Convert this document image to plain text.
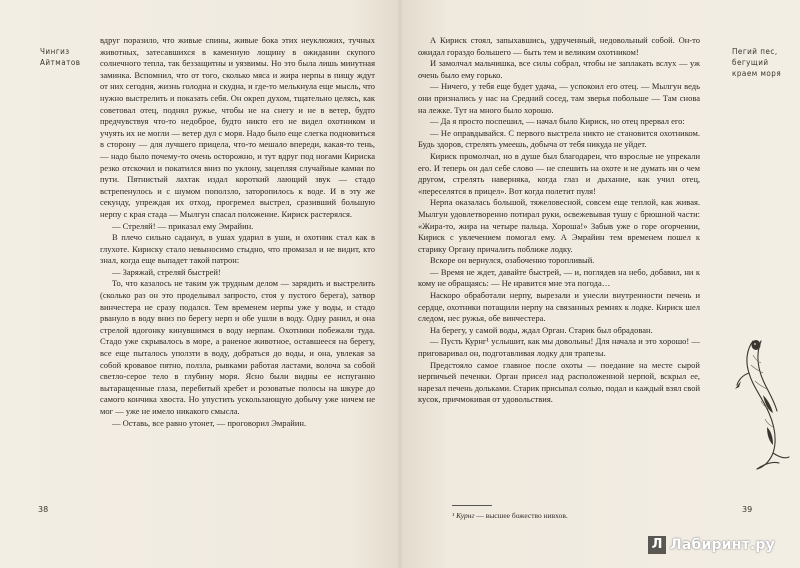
Чингиз Айтматов

вдруг поразило, что живые спины, живые бока этих неуклюжих, тучных животных, затесавшихся в каменную лощину в ожидании скупого солнечного тепла, так беззащитны и уязвимы. Но это была лишь минутная заминка. Вспомнил, что от того, сколько мяса и жира нерпы в пищу ждут от них сегодня, жизнь голодна и скудна, и где-то мелькнула еще мысль, что нужно выстрелить и показать себя. Он окреп духом, тщательно целясь, как советовал отец, поднял ружье, чтобы не на снегу и не в ветер, будто предчувствуя что-то недоброе, будто никто его не видел охотником и учуять их не могли — ветер дул с моря. Надо было еще слегка подновиться в сторону — для лучшего прицела, что-то мешало впереди, какая-то тень, — надо было почему-то очень осторожно, и тут вдруг под ногами Кириска резко отскочил и покатился вниз по уклону, зацепляя случайные камни по пути. Пятнистый лахтак издал короткий лающий звук — стадо встрепенулось и с шумом поползло, заторопилось к воде. И в эту же секунду, упреждая их отход, прогремел выстрел, сразивший большую нерпу с края стада — Мылгун спасал положение. Кириск растерялся.

— Стреляй! — приказал ему Эмрайин.

В плечо сильно саданул, в ушах ударил в уши, и охотник стал как в глухоте. Кириску стало невыносимо стыдно, что промазал и не видит, кто знал, когда еще выпадет такой патрон:

— Заряжай, стреляй быстрей!

То, что казалось не таким уж трудным делом — зарядить и выстрелить (сколько раз он это проделывал запросто, стоя у пустого берега), затвор винчестера не сразу подался. Тем временем нерпы уже у воды, и стадо рвануло в воду вниз по берегу нерп и обе ушли в воду. Одну ранил, и она стрелой вдогонку кинувшимся в воду нерпам. Охотники побежали туда. Стадо уже скрывалось в море, а раненое животное, оставшееся на берегу, все еще пыталось уползти в воду, добраться до воды, и она, увлекая за собой кровавое пятно, ползла, рывками работая ластами, волоча за собой светло-серое тело в глубину моря. Ясно были видны ее испуганно вытаращенные глаза, перебитый хребет и розоватые полосы на шкуре до самого кончика хвоста. Но упустить ускользающую добычу уже ничем не мог — уже не имело никакого смысла.

— Оставь, все равно утонет, — проговорил Эмрайин.

38
Пегий пес, бегущий краем моря

А Кириск стоял, запыхавшись, удрученный, недовольный собой. Он-то ожидал гораздо большего — быть тем и великим охотником!

И замолчал мальчишка, все силы собрал, чтобы не заплакать вслух — уж очень было ему горько.

— Ничего, у тебя еще будет удача, — успокоил его отец. — Мылгун ведь они признались у нас на Средний сосед, там зверья побольше — Там снова на лежке. Тут на много было хорошо.

— Да я просто поспешил, — начал было Кириск, но отец прервал его:

— Не оправдывайся. С первого выстрела никто не становится охотником. Будь здоров, стрелять умеешь, добыча от тебя никуда не уйдет.

Кириск промолчал, но в душе был благодарен, что взрослые не упрекали его. И теперь он дал себе слово — не спешить на охоте и не думать ни о чем другом, стрелять наверняка, когда глаз и дыхание, как учил отец, «переселятся в прицел». Вот когда полетит пуля!

Нерпа оказалась большой, тяжеловесной, совсем еще теплой, как живая. Мылгун удовлетворенно потирал руки, освежевывая тушу с брюшной части: «Жира-то, жира на четыре пальца. Хороша!» Забыв уже о горе огорчении, Кириск с увлечением помогал ему. А Эмрайин тем временем пошел к старику Органу причалить поближе лодку.

Вскоре он вернулся, озабоченно торопливый.

— Время не ждет, давайте быстрей, — и, поглядев на небо, добавил, ни к кому не обращаясь: — Не нравится мне эта погода…

Наскоро обработали нерпу, вырезали и унесли внутренности печень и сердце, охотники потащили нерпу на связанных ремнях к лодке. Кириск шел следом, нес ружья, обе винчестера.

На берегу, у самой воды, ждал Орган. Старик был обрадован.

— Пусть Курнг¹ услышит, как мы довольны! Для начала и это хорошо! — приговаривал он, подготавливая лодку для трапезы.

Предстояло самое главное после охоты — поедание на месте сырой нерпичьей печенки. Орган присел над расположенной нерпой, вскрыл ее, нарезал печень дольками. Старик присыпал солью, подал и каждый взял свой кусок, причмокивая от удовольствия.

¹ Курнг — высшее божество нивхов.
39
Л Лабиринт.ру
